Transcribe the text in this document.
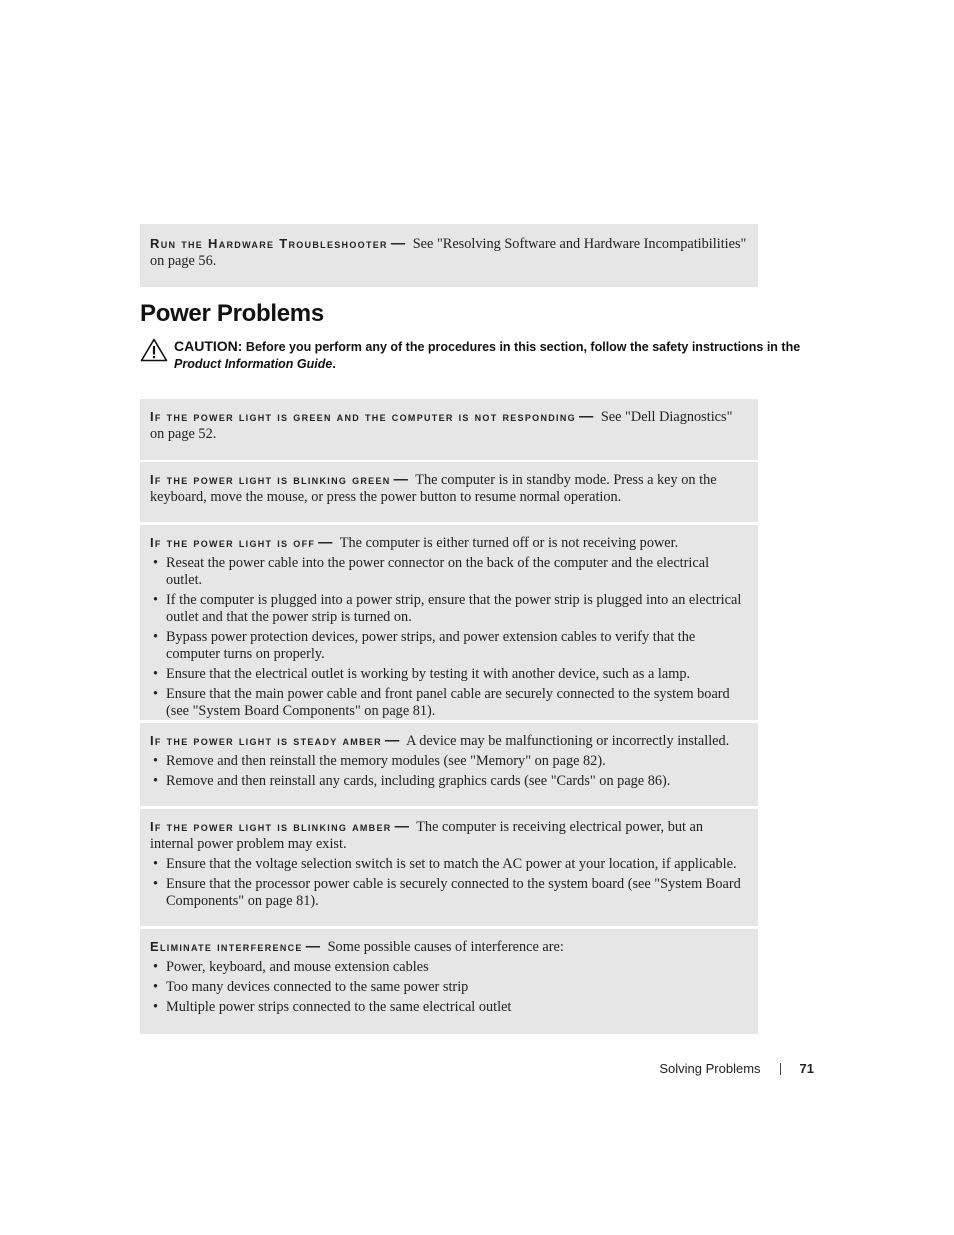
Run the Hardware Troubleshooter — See "Resolving Software and Hardware Incompatibilities" on page 56.

Power Problems
CAUTION: Before you perform any of the procedures in this section, follow the safety instructions in the Product Information Guide.

If the power light is green and the computer is not responding — See "Dell Diagnostics" on page 52.

If the power light is blinking green — The computer is in standby mode. Press a key on the keyboard, move the mouse, or press the power button to resume normal operation.

If the power light is off — The computer is either turned off or is not receiving power.

• Reseat the power cable into the power connector on the back of the computer and the electrical outlet.
• If the computer is plugged into a power strip, ensure that the power strip is plugged into an electrical outlet and that the power strip is turned on.
• Bypass power protection devices, power strips, and power extension cables to verify that the computer turns on properly.
• Ensure that the electrical outlet is working by testing it with another device, such as a lamp.
• Ensure that the main power cable and front panel cable are securely connected to the system board (see "System Board Components" on page 81).

If the power light is steady amber — A device may be malfunctioning or incorrectly installed.

• Remove and then reinstall the memory modules (see "Memory" on page 82).
• Remove and then reinstall any cards, including graphics cards (see "Cards" on page 86).

If the power light is blinking amber — The computer is receiving electrical power, but an internal power problem may exist.

• Ensure that the voltage selection switch is set to match the AC power at your location, if applicable.
• Ensure that the processor power cable is securely connected to the system board (see "System Board Components" on page 81).

Eliminate interference — Some possible causes of interference are:

• Power, keyboard, and mouse extension cables
• Too many devices connected to the same power strip
• Multiple power strips connected to the same electrical outlet
Solving Problems	71
